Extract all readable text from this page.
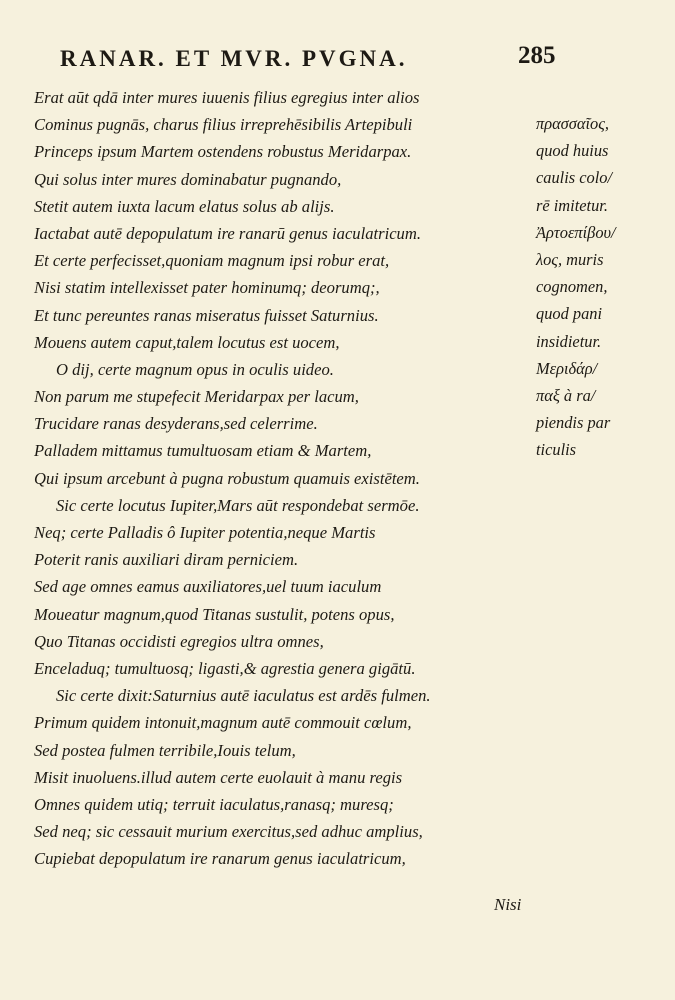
RANAR. ET MVR. PVGNA.	285
Erat aūt qdā inter mures iuuenis filius egregius inter alios
Cominus pugnās, charus filius irreprehēsibilis Artepibuli
Princeps ipsum Martem ostendens robustus Meridarpax.
Qui solus inter mures dominabatur pugnando,
Stetit autem iuxta lacum elatus solus ab alijs.
Iactabat autē depopulatum ire ranarū genus iaculatricum.
Et certe perfecisset,quoniam magnum ipsi robur erat,
Nisi statim intellexisset pater hominumq; deorumq;,
Et tunc pereuntes ranas miseratus fuisset Saturnius.
Mouens autem caput,talem locutus est uocem,
O dij, certe magnum opus in oculis uideo.
Non parum me stupefecit Meridarpax per lacum,
Trucidare ranas desyderans,sed celerrime.
Palladem mittamus tumultuosam etiam & Martem,
Qui ipsum arcebunt à pugna robustum quamuis existētem.
Sic certe locutus Iupiter,Mars aūt respondebat sermōe.
Neq; certe Palladis ô Iupiter potentia,neque Martis
Poterit ranis auxiliari diram perniciem.
Sed age omnes eamus auxiliatores,uel tuum iaculum
Moueatur magnum,quod Titanas sustulit, potens opus,
Quo Titanas occidisti egregios ultra omnes,
Enceladuq; tumultuosq; ligasti,& agrestia genera gigātū.
Sic certe dixit:Saturnius autē iaculatus est ardēs fulmen.
Primum quidem intonuit,magnum autē commouit cœlum,
Sed postea fulmen terribile,Iouis telum,
Misit inuoluens.illud autem certe euolauit à manu regis
Omnes quidem utiq; terruit iaculatus,ranasq; muresq;
Sed neq; sic cessauit murium exercitus,sed adhuc amplius,
Cupiebat depopulatum ire ranarum genus iaculatricum,
πρασσαῖος,
quod huius
caulis colo/
rē imitetur.
Ἀρτοεπίβου/
λος, muris
cognomen,
quod pani
insidietur.
Μεριδάρ/
παξ à ra/
piendis par
ticulis
Nisi
